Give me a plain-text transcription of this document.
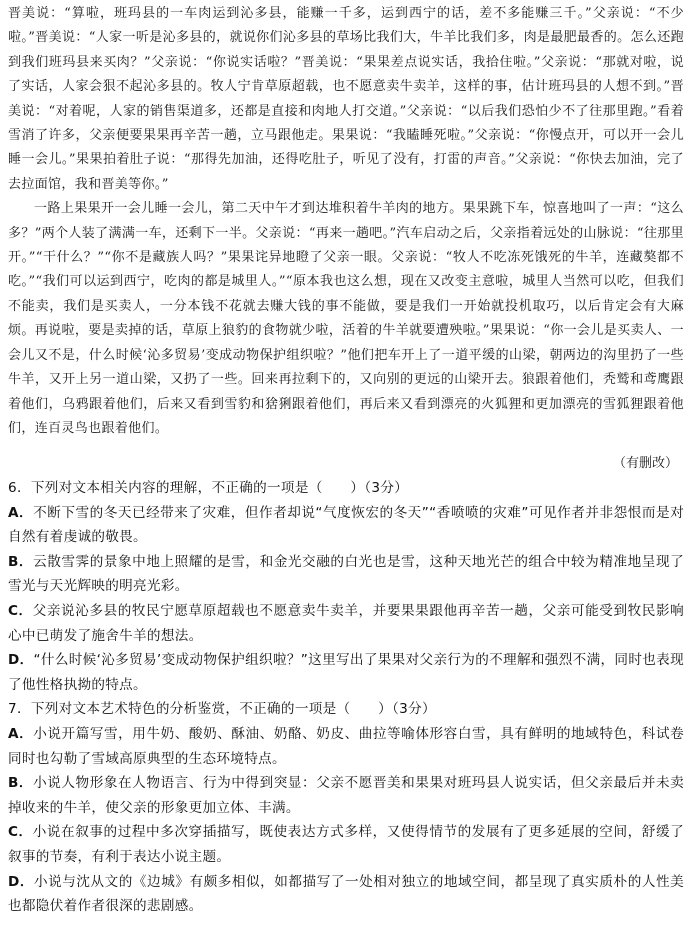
晋美说：“算啦，班玛县的一车肉运到沁多县，能赚一千多，运到西宁的话，差不多能赚三千。”父亲说：“不少啦。”晋美说：“人家一听是沁多县的，就说你们沁多县的草场比我们大，牛羊比我们多，肉是最肥最香的。怎么还跑到我们班玛县来买肉？”父亲说：“你说实话啦？”晋美说：“果果差点说实话，我拾住啦。”父亲说：“那就对啦，说了实话，人家会狠不起沁多县的。牧人宁肯草原超载，也不愿意卖牛卖羊，这样的事，估计班玛县的人想不到。”晋美说：“对着呢，人家的销售渠道多，还都是直接和肉地人打交道。”父亲说：“以后我们恐怕少不了往那里跑。”看着雪消了许多，父亲便要果果再辛苦一趟，立马跟他走。果果说：“我瞌睡死啦。”父亲说：“你慢点开，可以开一会儿睡一会儿。”果果拍着肚子说：“那得先加油，还得吃肚子，听见了没有，打雷的声音。”父亲说：“你快去加油，完了去拉面馆，我和晋美等你。”

一路上果果开一会儿睡一会儿，第二天中午才到达堆积着牛羊肉的地方。果果跳下车，惊喜地叫了一声：“这么多？”两个人装了满满一车，还剩下一半。父亲说：“再来一趟吧。”汽车启动之后，父亲指着远处的山脉说：“往那里开。”“干什么？”“你不是藏族人吗？”果果诧异地瞪了父亲一眼。父亲说：“牧人不吃冻死饿死的牛羊，连藏獒都不吃。”“我们可以运到西宁，吃肉的都是城里人。”“原本我也这么想，现在又改变主意啦，城里人当然可以吃，但我们不能卖，我们是买卖人，一分本钱不花就去赚大钱的事不能做，要是我们一开始就投机取巧，以后肯定会有大麻烦。再说啦，要是卖掉的话，草原上狼豹的食物就少啦，活着的牛羊就要遭殃啦。”果果说：“你一会儿是买卖人、一会儿又不是，什么时候‘沁多贸易’变成动物保护组织啦？”他们把车开上了一道平缓的山梁，朝两边的沟里扔了一些牛羊，又开上另一道山梁，又扔了一些。回来再拉剩下的，又向别的更远的山梁开去。狼跟着他们，秃鹫和鸢鹰跟着他们，乌鸦跟着他们，后来又看到雪豹和猞猁跟着他们，再后来又看到漂亮的火狐狸和更加漂亮的雪狐狸跟着他们，连百灵鸟也跟着他们。

（有删改）

6．下列对文本相关内容的理解，不正确的一项是（　　）（3分）

A．不断下雪的冬天已经带来了灾难，但作者却说“气度恢宏的冬天”“香喷喷的灾难”可见作者并非怨恨而是对自然有着虔诚的敬畏。

B．云散雪霁的景象中地上照耀的是雪，和金光交融的白光也是雪，这种天地光芒的组合中较为精准地呈现了雪光与天光辉映的明亮光彩。

C．父亲说沁多县的牧民宁愿草原超载也不愿意卖牛卖羊，并要果果跟他再辛苦一趟，父亲可能受到牧民影响心中已萌发了施舍牛羊的想法。

D．“什么时候‘沁多贸易’变成动物保护组织啦？”这里写出了果果对父亲行为的不理解和强烈不满，同时也表现了他性格执拗的特点。

7．下列对文本艺术特色的分析鉴赏，不正确的一项是（　　）（3分）

A．小说开篇写雪，用牛奶、酸奶、酥油、奶酪、奶皮、曲拉等喻体形容白雪，具有鲜明的地域特色，科试卷同时也勾勒了雪域高原典型的生态环境特点。

B．小说人物形象在人物语言、行为中得到突显：父亲不愿晋美和果果对班玛县人说实话，但父亲最后并未卖掉收来的牛羊，使父亲的形象更加立体、丰满。

C．小说在叙事的过程中多次穿插描写，既使表达方式多样，又使得情节的发展有了更多延展的空间，舒缓了叙事的节奏，有利于表达小说主题。

D．小说与沈从文的《边城》有颇多相似，如都描写了一处相对独立的地域空间，都呈现了真实质朴的人性美也都隐伏着作者很深的悲剧感。
